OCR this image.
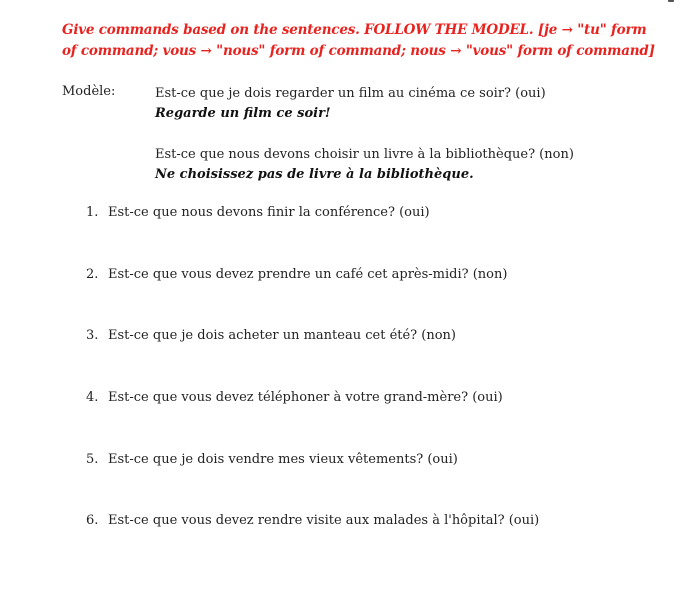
Give commands based on the sentences. FOLLOW THE MODEL. [je → "tu" form of command; vous → "nous" form of command; nous → "vous" form of command]
Modèle:	Est-ce que je dois regarder un film au cinéma ce soir? (oui)
Regarde un film ce soir!
Est-ce que nous devons choisir un livre à la bibliothèque? (non)
Ne choisissez pas de livre à la bibliothèque.
1. Est-ce que nous devons finir la conférence? (oui)
2. Est-ce que vous devez prendre un café cet après-midi? (non)
3. Est-ce que je dois acheter un manteau cet été? (non)
4. Est-ce que vous devez téléphoner à votre grand-mère? (oui)
5. Est-ce que je dois vendre mes vieux vêtements? (oui)
6. Est-ce que vous devez rendre visite aux malades à l'hôpital? (oui)
